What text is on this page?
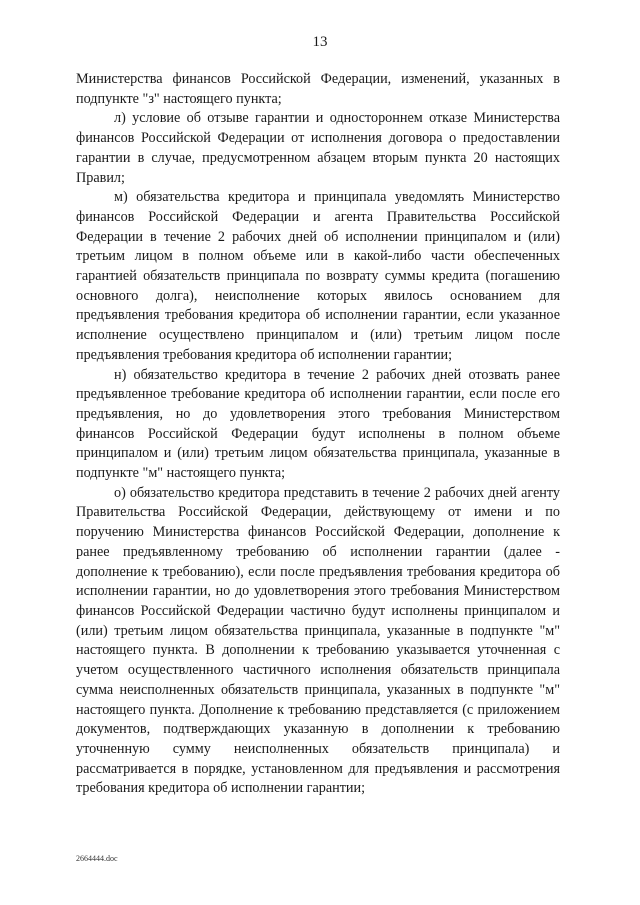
13

Министерства финансов Российской Федерации, изменений, указанных в подпункте "з" настоящего пункта;

л) условие об отзыве гарантии и одностороннем отказе Министерства финансов Российской Федерации от исполнения договора о предоставлении гарантии в случае, предусмотренном абзацем вторым пункта 20 настоящих Правил;

м) обязательства кредитора и принципала уведомлять Министерство финансов Российской Федерации и агента Правительства Российской Федерации в течение 2 рабочих дней об исполнении принципалом и (или) третьим лицом в полном объеме или в какой-либо части обеспеченных гарантией обязательств принципала по возврату суммы кредита (погашению основного долга), неисполнение которых явилось основанием для предъявления требования кредитора об исполнении гарантии, если указанное исполнение осуществлено принципалом и (или) третьим лицом после предъявления требования кредитора об исполнении гарантии;

н) обязательство кредитора в течение 2 рабочих дней отозвать ранее предъявленное требование кредитора об исполнении гарантии, если после его предъявления, но до удовлетворения этого требования Министерством финансов Российской Федерации будут исполнены в полном объеме принципалом и (или) третьим лицом обязательства принципала, указанные в подпункте "м" настоящего пункта;

о) обязательство кредитора представить в течение 2 рабочих дней агенту Правительства Российской Федерации, действующему от имени и по поручению Министерства финансов Российской Федерации, дополнение к ранее предъявленному требованию об исполнении гарантии (далее - дополнение к требованию), если после предъявления требования кредитора об исполнении гарантии, но до удовлетворения этого требования Министерством финансов Российской Федерации частично будут исполнены принципалом и (или) третьим лицом обязательства принципала, указанные в подпункте "м" настоящего пункта. В дополнении к требованию указывается уточненная с учетом осуществленного частичного исполнения обязательств принципала сумма неисполненных обязательств принципала, указанных в подпункте "м" настоящего пункта. Дополнение к требованию представляется (с приложением документов, подтверждающих указанную в дополнении к требованию уточненную сумму неисполненных обязательств принципала) и рассматривается в порядке, установленном для предъявления и рассмотрения требования кредитора об исполнении гарантии;

2664444.doc
